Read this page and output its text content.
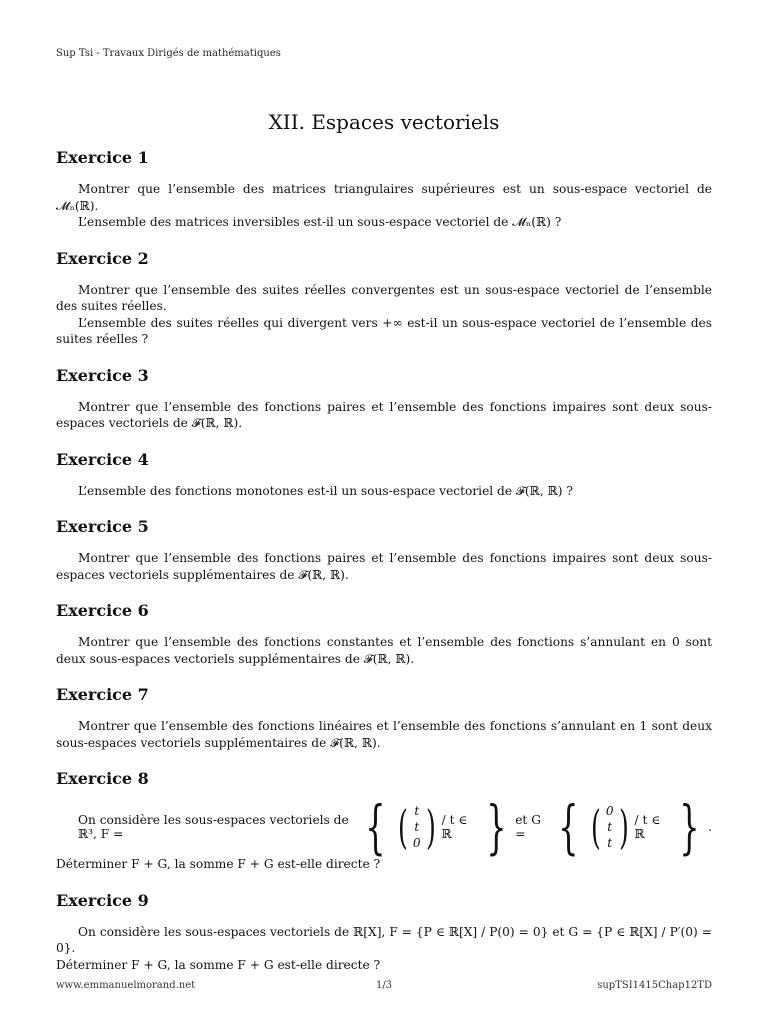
Sup Tsi - Travaux Dirigés de mathématiques
XII. Espaces vectoriels
Exercice 1

Montrer que l’ensemble des matrices triangulaires supérieures est un sous-espace vectoriel de 𝓜ₙ(ℝ).

L’ensemble des matrices inversibles est-il un sous-espace vectoriel de 𝓜ₙ(ℝ) ?

Exercice 2

Montrer que l’ensemble des suites réelles convergentes est un sous-espace vectoriel de l’ensemble des suites réelles.

L’ensemble des suites réelles qui divergent vers +∞ est-il un sous-espace vectoriel de l’ensemble des suites réelles ?

Exercice 3

Montrer que l’ensemble des fonctions paires et l’ensemble des fonctions impaires sont deux sous-espaces vectoriels de 𝓕(ℝ, ℝ).

Exercice 4

L’ensemble des fonctions monotones est-il un sous-espace vectoriel de 𝓕(ℝ, ℝ) ?

Exercice 5

Montrer que l’ensemble des fonctions paires et l’ensemble des fonctions impaires sont deux sous-espaces vectoriels supplémentaires de 𝓕(ℝ, ℝ).

Exercice 6

Montrer que l’ensemble des fonctions constantes et l’ensemble des fonctions s’annulant en 0 sont deux sous-espaces vectoriels supplémentaires de 𝓕(ℝ, ℝ).

Exercice 7

Montrer que l’ensemble des fonctions linéaires et l’ensemble des fonctions s’annulant en 1 sont deux sous-espaces vectoriels supplémentaires de 𝓕(ℝ, ℝ).

Exercice 8
On considère les sous-espaces vectoriels de ℝ³, F =	{ ( t
t
0 ) / t ∈ ℝ } et G = { ( 0
t
t ) / t ∈ ℝ } .

Déterminer F + G, la somme F + G est-elle directe ?

Exercice 9

On considère les sous-espaces vectoriels de ℝ[X], F = {P ∈ ℝ[X] / P(0) = 0} et G = {P ∈ ℝ[X] / P′(0) = 0}.

Déterminer F + G, la somme F + G est-elle directe ?

www.emmanuelmorand.net	1/3	supTSI1415Chap12TD
